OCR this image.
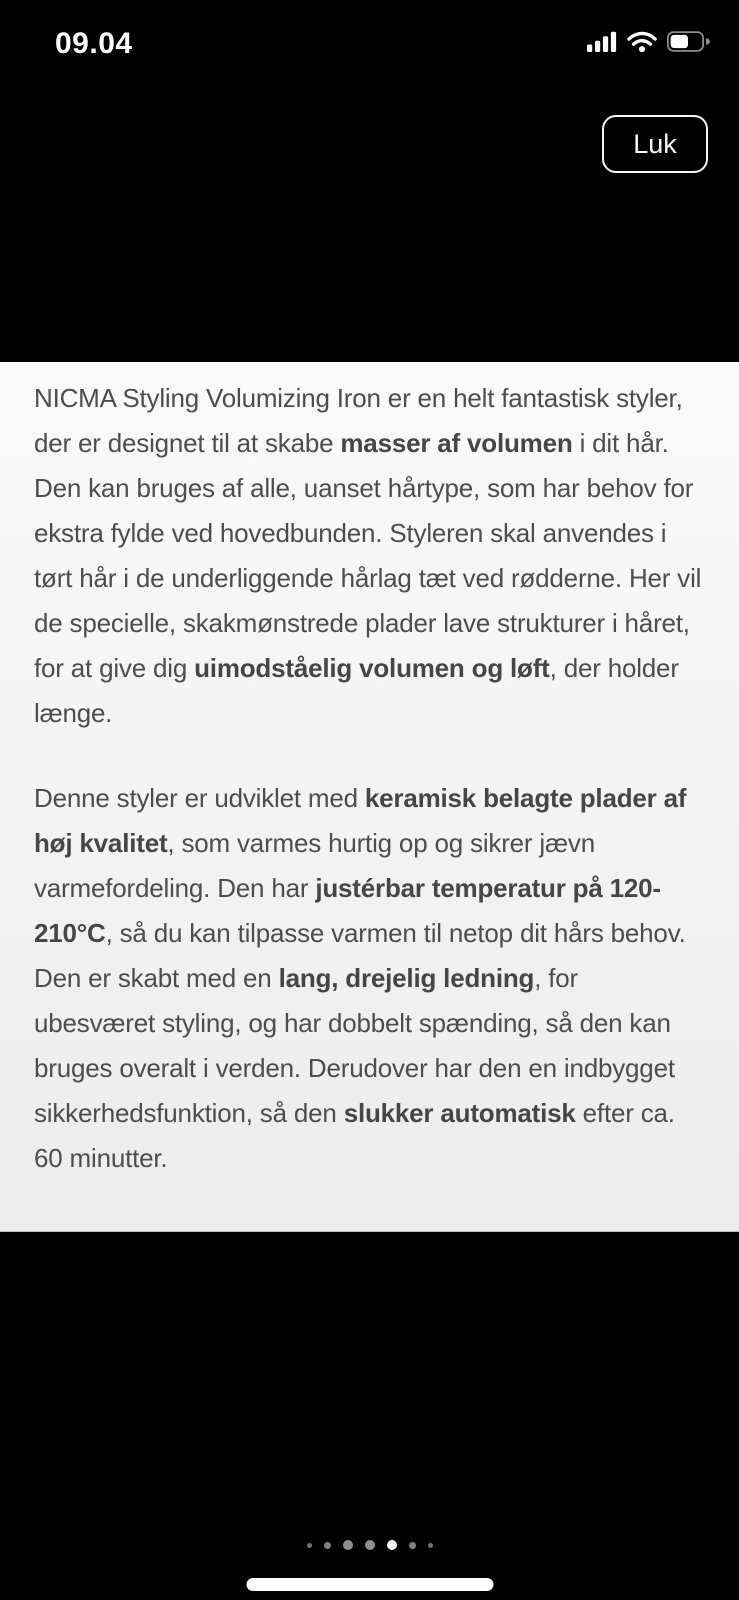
09.04
Luk

NICMA Styling Volumizing Iron er en helt fantastisk styler, der er designet til at skabe masser af volumen i dit hår. Den kan bruges af alle, uanset hårtype, som har behov for ekstra fylde ved hovedbunden. Styleren skal anvendes i tørt hår i de underliggende hårlag tæt ved rødderne. Her vil de specielle, skakmønstrede plader lave strukturer i håret, for at give dig uimodståelig volumen og løft, der holder længe.

Denne styler er udviklet med keramisk belagte plader af høj kvalitet, som varmes hurtig op og sikrer jævn varmefordeling. Den har justérbar temperatur på 120-210°C, så du kan tilpasse varmen til netop dit hårs behov. Den er skabt med en lang, drejelig ledning, for ubesværet styling, og har dobbelt spænding, så den kan bruges overalt i verden. Derudover har den en indbygget sikkerhedsfunktion, så den slukker automatisk efter ca. 60 minutter.
